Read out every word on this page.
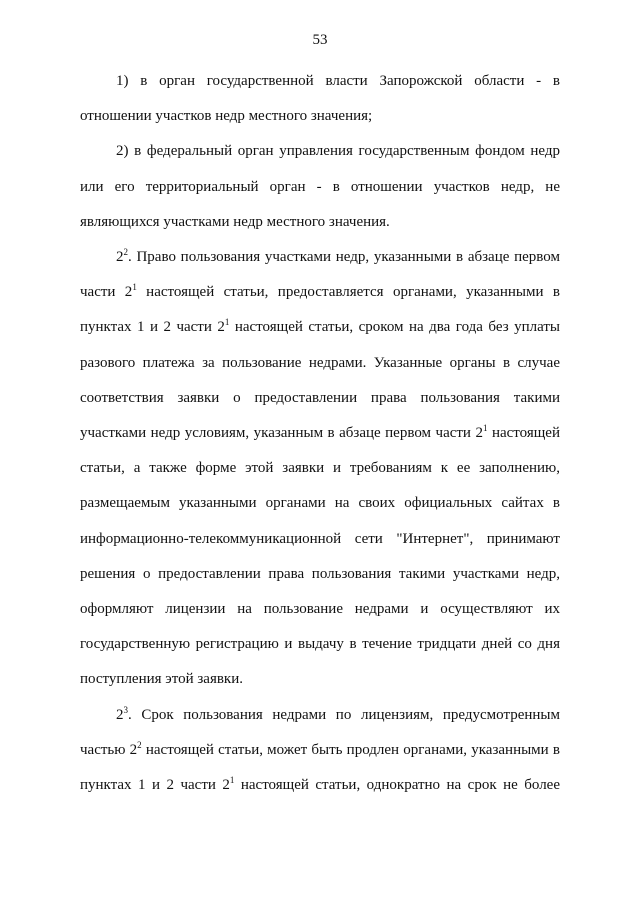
53
1) в орган государственной власти Запорожской области - в
отношении участков недр местного значения;
2) в федеральный орган управления государственным фондом недр
или его территориальный орган - в отношении участков недр, не
являющихся участками недр местного значения.
$2^2$. Право пользования участками недр, указанными в абзаце первом
части $2^1$ настоящей статьи, предоставляется органами, указанными в
пунктах 1 и 2 части $2^1$ настоящей статьи, сроком на два года без уплаты
разового платежа за пользование недрами. Указанные органы в случае
соответствия заявки о предоставлении права пользования такими
участками недр условиям, указанным в абзаце первом части $2^1$ настоящей
статьи, а также форме этой заявки и требованиям к ее заполнению,
размещаемым указанными органами на своих официальных сайтах в
информационно-телекоммуникационной сети "Интернет", принимают
решения о предоставлении права пользования такими участками недр,
оформляют лицензии на пользование недрами и осуществляют их
государственную регистрацию и выдачу в течение тридцати дней со дня
поступления этой заявки.
$2^3$. Срок пользования недрами по лицензиям, предусмотренным
частью $2^2$ настоящей статьи, может быть продлен органами, указанными в
пунктах 1 и 2 части $2^1$ настоящей статьи, однократно на срок не более
